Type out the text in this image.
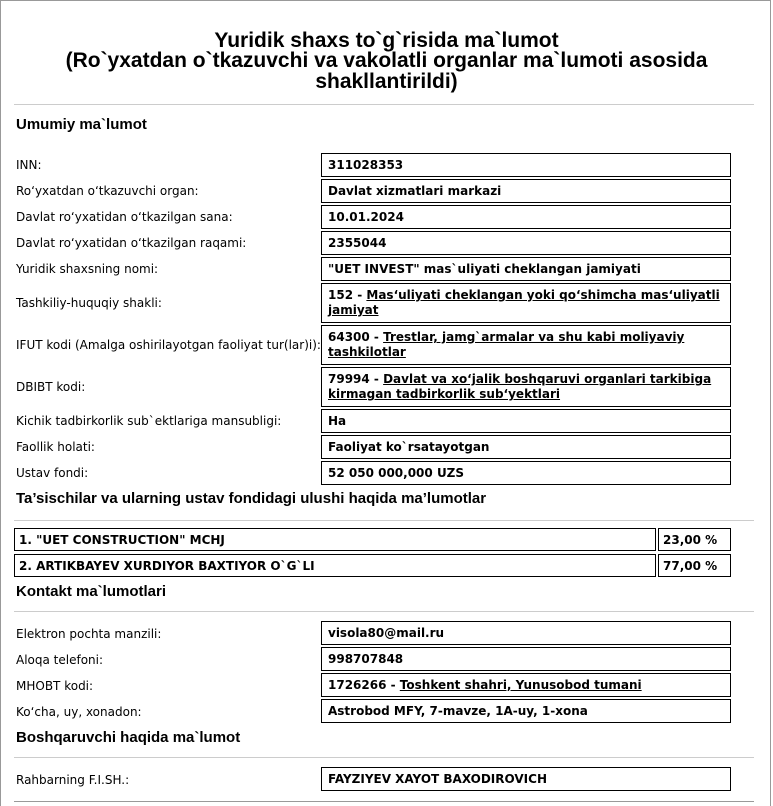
Yuridik shaxs to`g`risida ma`lumot
(Ro`yxatdan o`tkazuvchi va vakolatli organlar ma`lumoti asosida
shakllantirildi)
Umumiy ma`lumot
INN:	311028353
Ro‘yxatdan o‘tkazuvchi organ:	Davlat xizmatlari markazi
Davlat ro‘yxatidan o‘tkazilgan sana:	10.01.2024
Davlat ro‘yxatidan o‘tkazilgan raqami:	2355044
Yuridik shaxsning nomi:	"UET INVEST" mas`uliyati cheklangan jamiyati
Tashkiliy-huquqiy shakli:
152 - Mas‘uliyati cheklangan yoki qo‘shimcha mas‘uliyatli jamiyat
IFUT kodi (Amalga oshirilayotgan faoliyat tur(lar)i):
64300 - Trestlar, jamg`armalar va shu kabi moliyaviy tashkilotlar
DBIBT kodi:
79994 - Davlat va xo‘jalik boshqaruvi organlari tarkibiga kirmagan tadbirkorlik sub‘yektlari
Kichik tadbirkorlik sub`ektlariga mansubligi:	Ha
Faollik holati:	Faoliyat ko`rsatayotgan
Ustav fondi:	52 050 000,000 UZS
Ta’sischilar va ularning ustav fondidagi ulushi haqida ma’lumotlar
1. "UET CONSTRUCTION" MCHJ	23,00 %
2. ARTIKBAYEV XURDIYOR BAXTIYOR O`G`LI	77,00 %
Kontakt ma`lumotlari
Elektron pochta manzili:	visola80@mail.ru
Aloqa telefoni:	998707848
MHOBT kodi:	1726266 - Toshkent shahri, Yunusobod tumani
Ko‘cha, uy, xonadon:	Astrobod MFY, 7-mavze, 1A-uy, 1-xona
Boshqaruvchi haqida ma`lumot
Rahbarning F.I.SH.:	FAYZIYEV XAYOT BAXODIROVICH
